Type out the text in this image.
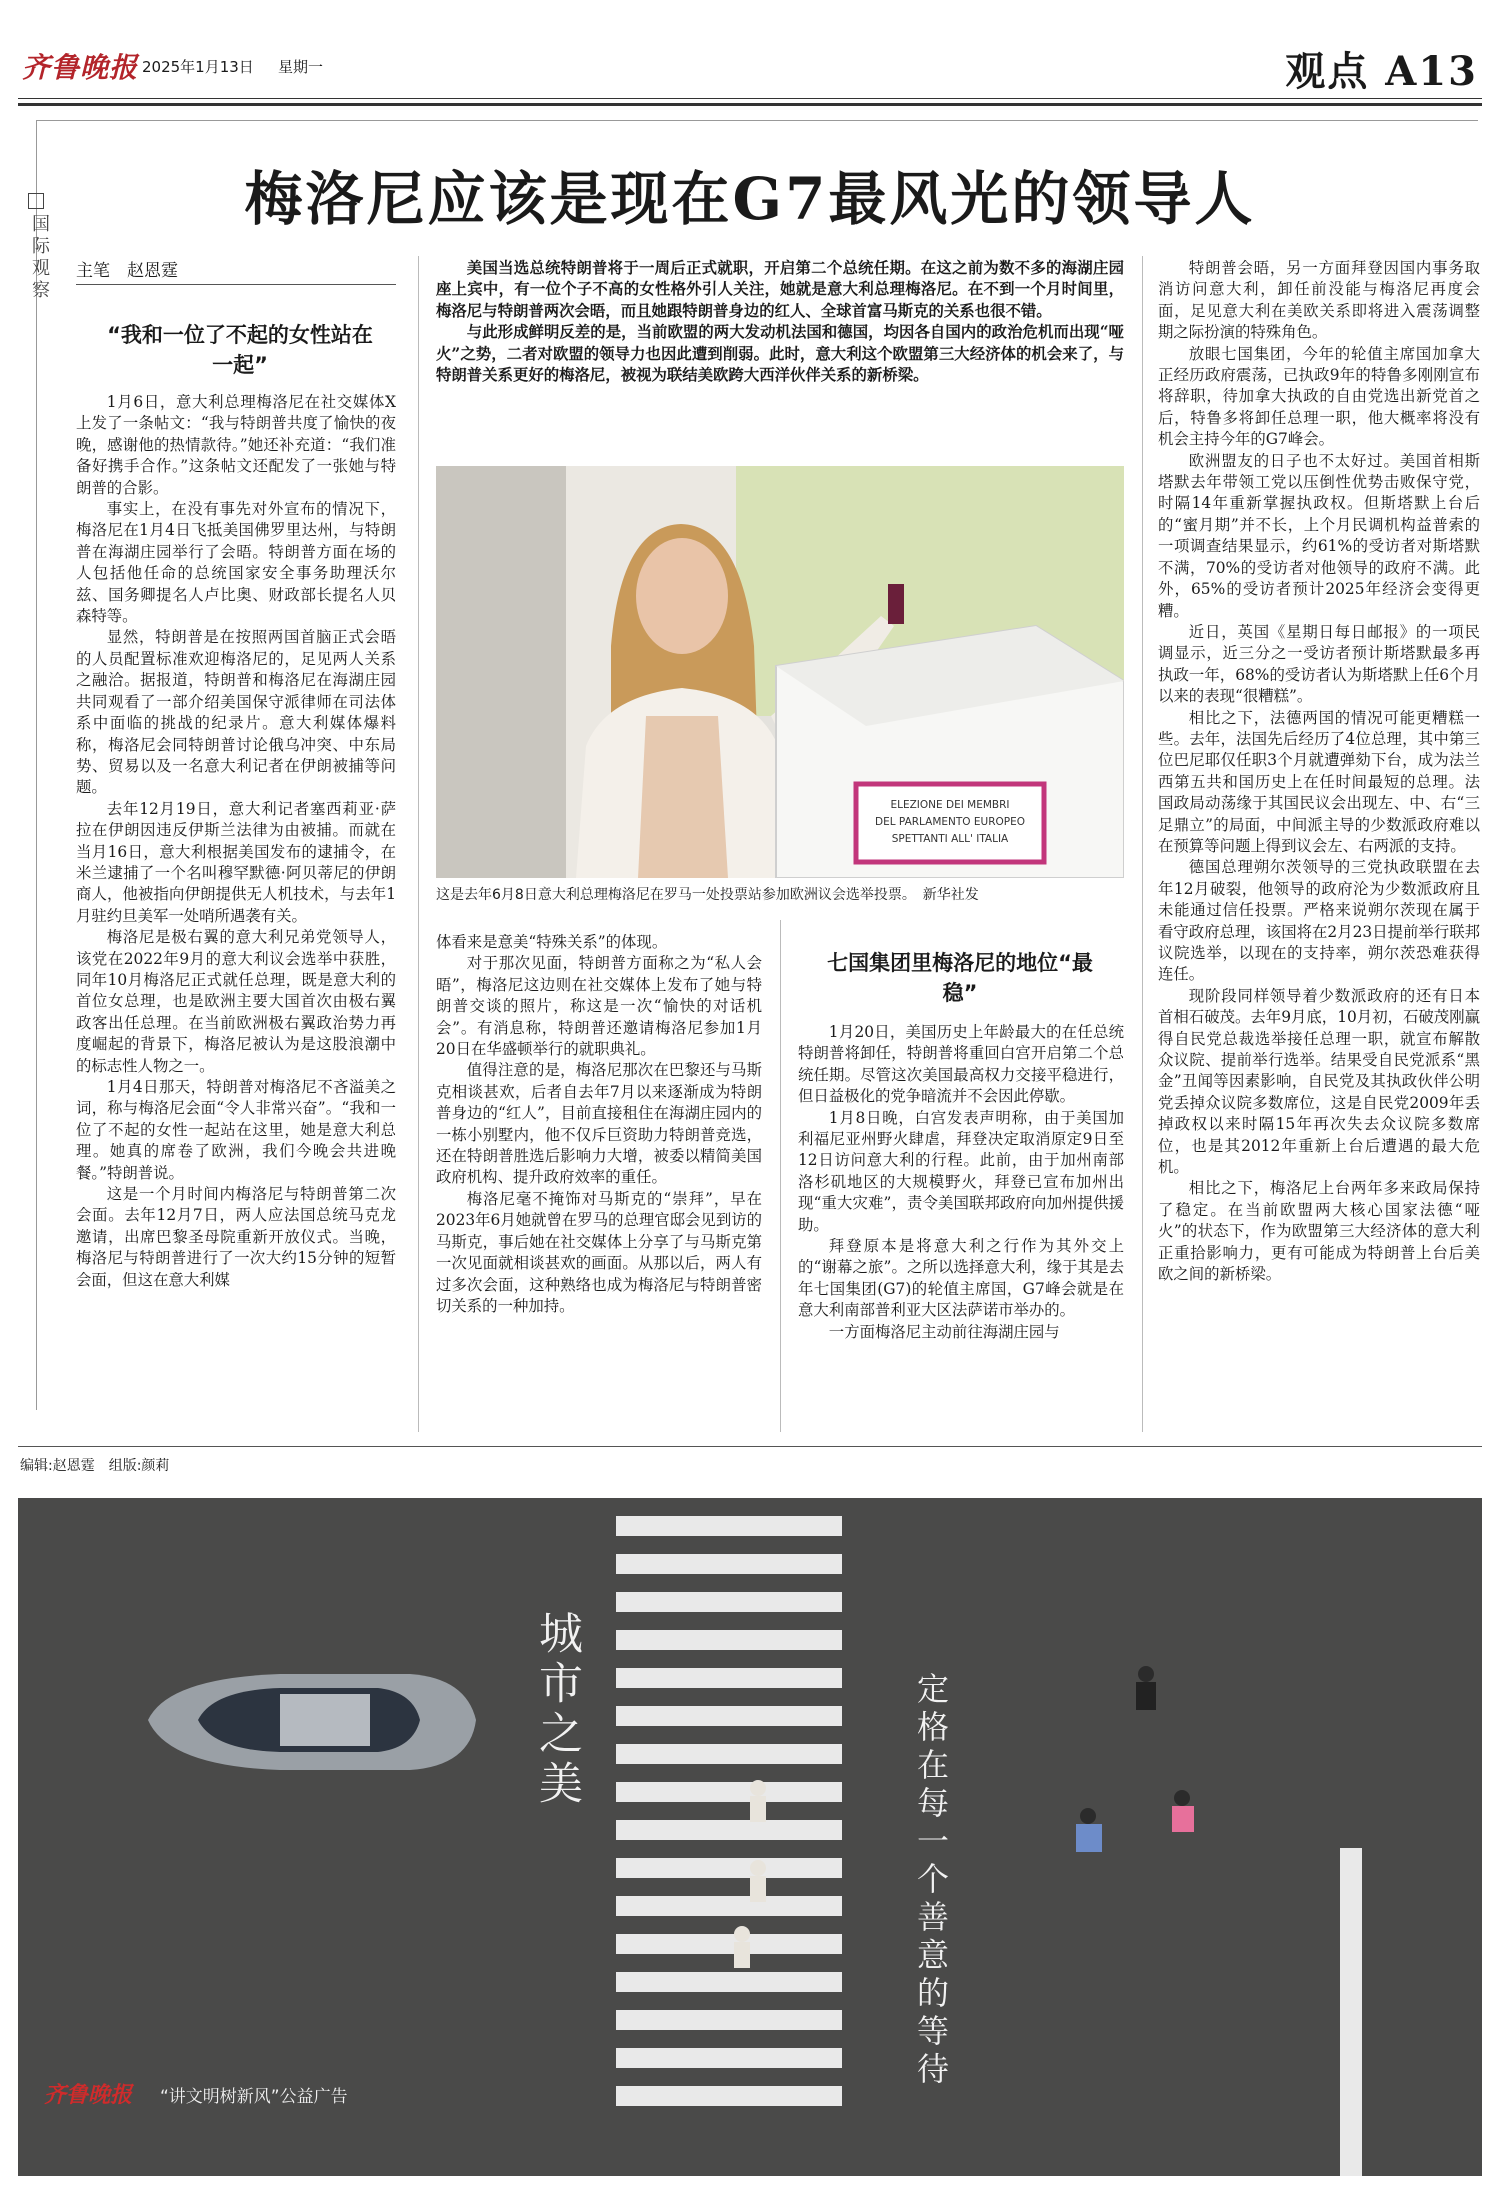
齐鲁晚报 2025年1月13日 星期一	观点 A13
国际观察
梅洛尼应该是现在G7最风光的领导人
主笔　赵恩霆
“我和一位了不起的女性站在一起”

1月6日，意大利总理梅洛尼在社交媒体X上发了一条帖文：“我与特朗普共度了愉快的夜晚，感谢他的热情款待。”她还补充道：“我们准备好携手合作。”这条帖文还配发了一张她与特朗普的合影。

事实上，在没有事先对外宣布的情况下，梅洛尼在1月4日飞抵美国佛罗里达州，与特朗普在海湖庄园举行了会晤。特朗普方面在场的人包括他任命的总统国家安全事务助理沃尔兹、国务卿提名人卢比奥、财政部长提名人贝森特等。

显然，特朗普是在按照两国首脑正式会晤的人员配置标准欢迎梅洛尼的，足见两人关系之融洽。据报道，特朗普和梅洛尼在海湖庄园共同观看了一部介绍美国保守派律师在司法体系中面临的挑战的纪录片。意大利媒体爆料称，梅洛尼会同特朗普讨论俄乌冲突、中东局势、贸易以及一名意大利记者在伊朗被捕等问题。

去年12月19日，意大利记者塞西莉亚·萨拉在伊朗因违反伊斯兰法律为由被捕。而就在当月16日，意大利根据美国发布的逮捕令，在米兰逮捕了一个名叫穆罕默德·阿贝蒂尼的伊朗商人，他被指向伊朗提供无人机技术，与去年1月驻约旦美军一处哨所遇袭有关。

梅洛尼是极右翼的意大利兄弟党领导人，该党在2022年9月的意大利议会选举中获胜，同年10月梅洛尼正式就任总理，既是意大利的首位女总理，也是欧洲主要大国首次由极右翼政客出任总理。在当前欧洲极右翼政治势力再度崛起的背景下，梅洛尼被认为是这股浪潮中的标志性人物之一。

1月4日那天，特朗普对梅洛尼不吝溢美之词，称与梅洛尼会面“令人非常兴奋”。“我和一位了不起的女性一起站在这里，她是意大利总理。她真的席卷了欧洲，我们今晚会共进晚餐。”特朗普说。

这是一个月时间内梅洛尼与特朗普第二次会面。去年12月7日，两人应法国总统马克龙邀请，出席巴黎圣母院重新开放仪式。当晚，梅洛尼与特朗普进行了一次大约15分钟的短暂会面，但这在意大利媒

美国当选总统特朗普将于一周后正式就职，开启第二个总统任期。在这之前为数不多的海湖庄园座上宾中，有一位个子不高的女性格外引人关注，她就是意大利总理梅洛尼。在不到一个月时间里，梅洛尼与特朗普两次会晤，而且她跟特朗普身边的红人、全球首富马斯克的关系也很不错。

与此形成鲜明反差的是，当前欧盟的两大发动机法国和德国，均因各自国内的政治危机而出现“哑火”之势，二者对欧盟的领导力也因此遭到削弱。此时，意大利这个欧盟第三大经济体的机会来了，与特朗普关系更好的梅洛尼，被视为联结美欧跨大西洋伙伴关系的新桥梁。

ELEZIONE DEI MEMBRI
DEL PARLAMENTO EUROPEO
SPETTANTI ALL' ITALIA
这是去年6月8日意大利总理梅洛尼在罗马一处投票站参加欧洲议会选举投票。　新华社发

体看来是意美“特殊关系”的体现。

对于那次见面，特朗普方面称之为“私人会晤”，梅洛尼这边则在社交媒体上发布了她与特朗普交谈的照片，称这是一次“愉快的对话机会”。有消息称，特朗普还邀请梅洛尼参加1月20日在华盛顿举行的就职典礼。

值得注意的是，梅洛尼那次在巴黎还与马斯克相谈甚欢，后者自去年7月以来逐渐成为特朗普身边的“红人”，目前直接租住在海湖庄园内的一栋小别墅内，他不仅斥巨资助力特朗普竞选，还在特朗普胜选后影响力大增，被委以精简美国政府机构、提升政府效率的重任。

梅洛尼毫不掩饰对马斯克的“崇拜”，早在2023年6月她就曾在罗马的总理官邸会见到访的马斯克，事后她在社交媒体上分享了与马斯克第一次见面就相谈甚欢的画面。从那以后，两人有过多次会面，这种熟络也成为梅洛尼与特朗普密切关系的一种加持。

七国集团里梅洛尼的地位“最稳”

1月20日，美国历史上年龄最大的在任总统特朗普将卸任，特朗普将重回白宫开启第二个总统任期。尽管这次美国最高权力交接平稳进行，但日益极化的党争暗流并不会因此停歇。

1月8日晚，白宫发表声明称，由于美国加利福尼亚州野火肆虐，拜登决定取消原定9日至12日访问意大利的行程。此前，由于加州南部洛杉矶地区的大规模野火，拜登已宣布加州出现“重大灾难”，责令美国联邦政府向加州提供援助。

拜登原本是将意大利之行作为其外交上的“谢幕之旅”。之所以选择意大利，缘于其是去年七国集团(G7)的轮值主席国，G7峰会就是在意大利南部普利亚大区法萨诺市举办的。

一方面梅洛尼主动前往海湖庄园与

特朗普会晤，另一方面拜登因国内事务取消访问意大利，卸任前没能与梅洛尼再度会面，足见意大利在美欧关系即将进入震荡调整期之际扮演的特殊角色。

放眼七国集团，今年的轮值主席国加拿大正经历政府震荡，已执政9年的特鲁多刚刚宣布将辞职，待加拿大执政的自由党选出新党首之后，特鲁多将卸任总理一职，他大概率将没有机会主持今年的G7峰会。

欧洲盟友的日子也不太好过。美国首相斯塔默去年带领工党以压倒性优势击败保守党，时隔14年重新掌握执政权。但斯塔默上台后的“蜜月期”并不长，上个月民调机构益普索的一项调查结果显示，约61%的受访者对斯塔默不满，70%的受访者对他领导的政府不满。此外，65%的受访者预计2025年经济会变得更糟。

近日，英国《星期日每日邮报》的一项民调显示，近三分之一受访者预计斯塔默最多再执政一年，68%的受访者认为斯塔默上任6个月以来的表现“很糟糕”。

相比之下，法德两国的情况可能更糟糕一些。去年，法国先后经历了4位总理，其中第三位巴尼耶仅任职3个月就遭弹劾下台，成为法兰西第五共和国历史上在任时间最短的总理。法国政局动荡缘于其国民议会出现左、中、右“三足鼎立”的局面，中间派主导的少数派政府难以在预算等问题上得到议会左、右两派的支持。

德国总理朔尔茨领导的三党执政联盟在去年12月破裂，他领导的政府沦为少数派政府且未能通过信任投票。严格来说朔尔茨现在属于看守政府总理，该国将在2月23日提前举行联邦议院选举，以现在的支持率，朔尔茨恐难获得连任。

现阶段同样领导着少数派政府的还有日本首相石破茂。去年9月底，10月初，石破茂刚赢得自民党总裁选举接任总理一职，就宣布解散众议院、提前举行选举。结果受自民党派系“黑金”丑闻等因素影响，自民党及其执政伙伴公明党丢掉众议院多数席位，这是自民党2009年丢掉政权以来时隔15年再次失去众议院多数席位，也是其2012年重新上台后遭遇的最大危机。

相比之下，梅洛尼上台两年多来政局保持了稳定。在当前欧盟两大核心国家法德“哑火”的状态下，作为欧盟第三大经济体的意大利正重拾影响力，更有可能成为特朗普上台后美欧之间的新桥梁。

编辑:赵恩霆　组版:颜莉
城市之美	定格在每一个善意的等待
齐鲁晚报 “讲文明树新风”公益广告
